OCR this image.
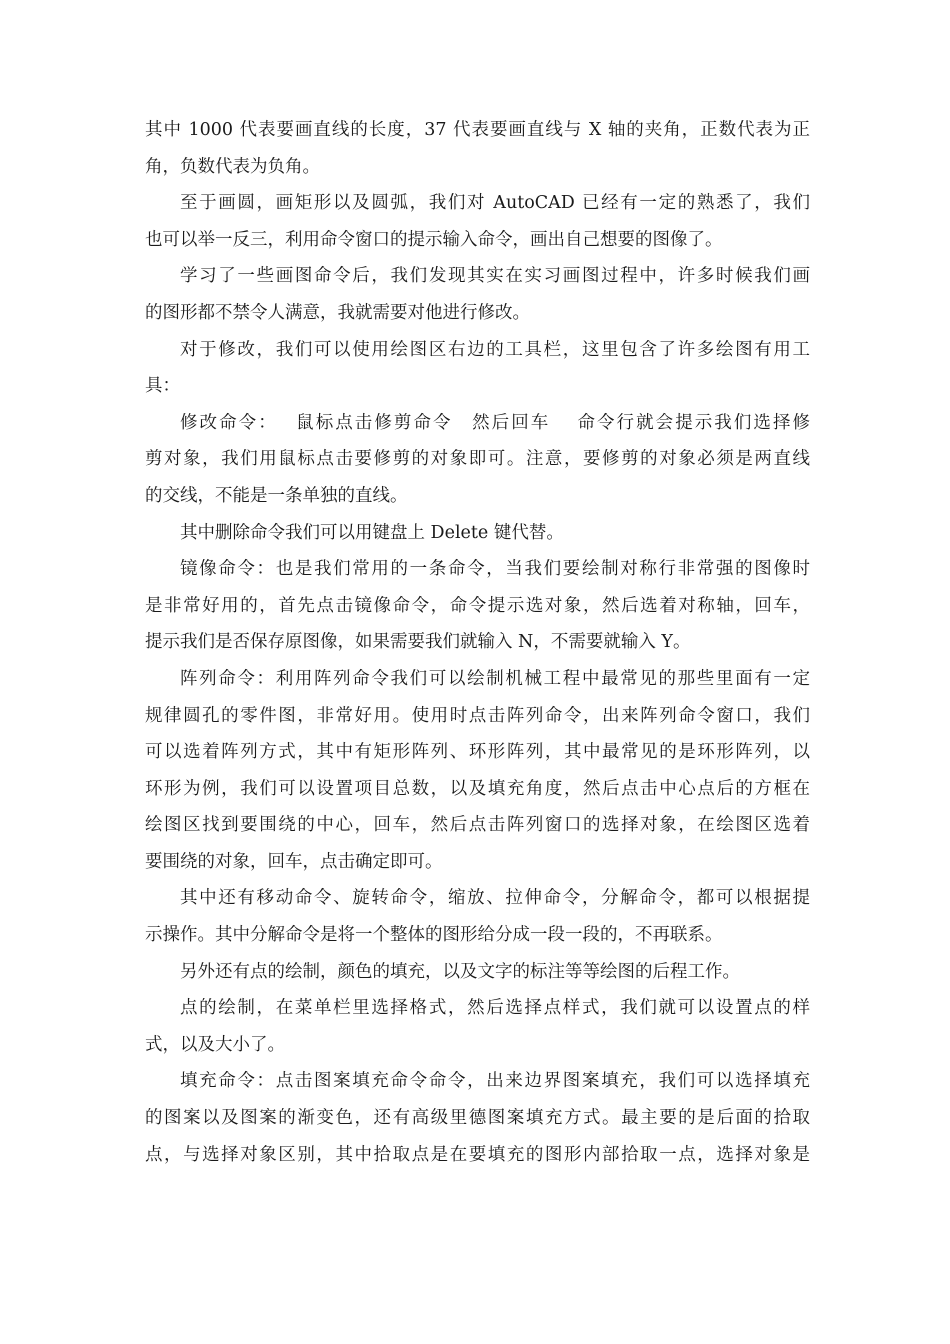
其中 1000 代表要画直线的长度，37 代表要画直线与 X 轴的夹角，正数代表为正
角，负数代表为负角。
至于画圆，画矩形以及圆弧，我们对 AutoCAD 已经有一定的熟悉了，我们
也可以举一反三，利用命令窗口的提示输入命令，画出自己想要的图像了。
学习了一些画图命令后，我们发现其实在实习画图过程中，许多时候我们画
的图形都不禁令人满意，我就需要对他进行修改。
对于修改，我们可以使用绘图区右边的工具栏，这里包含了许多绘图有用工
具：
修改命令：　 鼠标点击修剪命令　然后回车　 命令行就会提示我们选择修
剪对象，我们用鼠标点击要修剪的对象即可。注意，要修剪的对象必须是两直线
的交线，不能是一条单独的直线。
其中删除命令我们可以用键盘上 Delete 键代替。
镜像命令：也是我们常用的一条命令，当我们要绘制对称行非常强的图像时
是非常好用的，首先点击镜像命令，命令提示选对象，然后选着对称轴，回车，
提示我们是否保存原图像，如果需要我们就输入 N，不需要就输入 Y。
阵列命令：利用阵列命令我们可以绘制机械工程中最常见的那些里面有一定
规律圆孔的零件图，非常好用。使用时点击阵列命令，出来阵列命令窗口，我们
可以选着阵列方式，其中有矩形阵列、环形阵列，其中最常见的是环形阵列，以
环形为例，我们可以设置项目总数，以及填充角度，然后点击中心点后的方框在
绘图区找到要围绕的中心，回车，然后点击阵列窗口的选择对象，在绘图区选着
要围绕的对象，回车，点击确定即可。
其中还有移动命令、旋转命令，缩放、拉伸命令，分解命令，都可以根据提
示操作。其中分解命令是将一个整体的图形给分成一段一段的，不再联系。
另外还有点的绘制，颜色的填充，以及文字的标注等等绘图的后程工作。
点的绘制，在菜单栏里选择格式，然后选择点样式，我们就可以设置点的样
式，以及大小了。
填充命令：点击图案填充命令命令，出来边界图案填充，我们可以选择填充
的图案以及图案的渐变色，还有高级里德图案填充方式。最主要的是后面的拾取
点，与选择对象区别，其中拾取点是在要填充的图形内部拾取一点，选择对象是
